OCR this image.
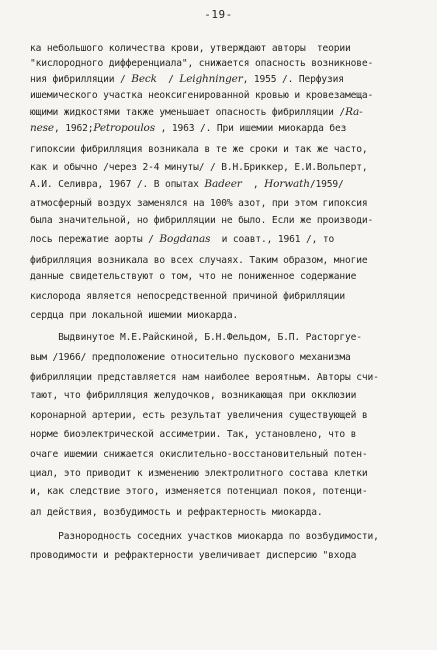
-19-
ка небольшого количества крови, утверждают авторы  теории
"кислородного дифференциала", снижается опасность возникнове-
ния фибрилляции / Beck  / Leighninger, 1955 /. Перфузия
ишемического участка неоксигенированной кровью и кровезамеща-
ющими жидкостями также уменьшает опасность фибрилляции /Ra-
nese, 1962;Petropoulos , 1963 /. При ишемии миокарда без
гипоксии фибрилляция возникала в те же сроки и так же часто,
как и обычно /через 2-4 минуты/ / В.Н.Бриккер, Е.И.Вольперт,
А.И. Селивра, 1967 /. В опытах Badeer  , Horwath/1959/
атмосферный воздух заменялся на 100% азот, при этом гипоксия
была значительной, но фибрилляции не было. Если же производи-
лось пережатие аорты / Bogdanas  и соавт., 1961 /, то
фибрилляция возникала во всех случаях. Таким образом, многие
данные свидетельствуют о том, что не пониженное содержание
кислорода является непосредственной причиной фибрилляции
сердца при локальной ишемии миокарда.
Выдвинутое М.Е.Райскиной, Б.Н.Фельдом, Б.П. Расторгуе-
вым /1966/ предположение относительно пускового механизма
фибрилляции представляется нам наиболее вероятным. Авторы счи-
тают, что фибрилляция желудочков, возникающая при окклюзии
коронарной артерии, есть результат увеличения существующей в
норме биоэлектрической ассиметрии. Так, установлено, что в
очаге ишемии снижается окислительно-восстановительный потен-
циал, это приводит к изменению электролитного состава клетки
и, как следствие этого, изменяется потенциал покоя, потенци-
ал действия, возбудимость и рефрактерность миокарда.
Разнородность соседних участков миокарда по возбудимости,
проводимости и рефрактерности увеличивает дисперсию "входа
